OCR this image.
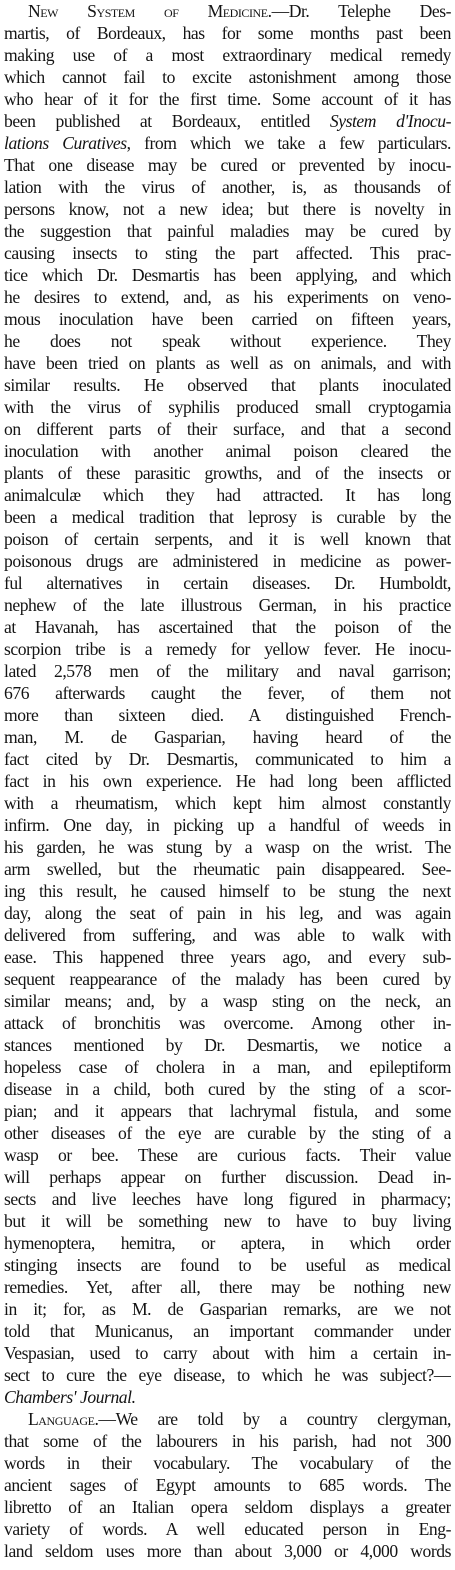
New System of Medicine.—Dr. Telephe Des-
martis, of Bordeaux, has for some months past been
making use of a most extraordinary medical remedy
which cannot fail to excite astonishment among those
who hear of it for the first time. Some account of it has
been published at Bordeaux, entitled System d'Inocu-
lations Curatives, from which we take a few particulars.
That one disease may be cured or prevented by inocu-
lation with the virus of another, is, as thousands of
persons know, not a new idea; but there is novelty in
the suggestion that painful maladies may be cured by
causing insects to sting the part affected. This prac-
tice which Dr. Desmartis has been applying, and which
he desires to extend, and, as his experiments on veno-
mous inoculation have been carried on fifteen years,
he does not speak without experience. They
have been tried on plants as well as on animals, and with
similar results. He observed that plants inoculated
with the virus of syphilis produced small cryptogamia
on different parts of their surface, and that a second
inoculation with another animal poison cleared the
plants of these parasitic growths, and of the insects or
animalculæ which they had attracted. It has long
been a medical tradition that leprosy is curable by the
poison of certain serpents, and it is well known that
poisonous drugs are administered in medicine as power-
ful alternatives in certain diseases. Dr. Humboldt,
nephew of the late illustrous German, in his practice
at Havanah, has ascertained that the poison of the
scorpion tribe is a remedy for yellow fever. He inocu-
lated 2,578 men of the military and naval garrison;
676 afterwards caught the fever, of them not
more than sixteen died. A distinguished French-
man, M. de Gasparian, having heard of the
fact cited by Dr. Desmartis, communicated to him a
fact in his own experience. He had long been afflicted
with a rheumatism, which kept him almost constantly
infirm. One day, in picking up a handful of weeds in
his garden, he was stung by a wasp on the wrist. The
arm swelled, but the rheumatic pain disappeared. See-
ing this result, he caused himself to be stung the next
day, along the seat of pain in his leg, and was again
delivered from suffering, and was able to walk with
ease. This happened three years ago, and every sub-
sequent reappearance of the malady has been cured by
similar means; and, by a wasp sting on the neck, an
attack of bronchitis was overcome. Among other in-
stances mentioned by Dr. Desmartis, we notice a
hopeless case of cholera in a man, and epileptiform
disease in a child, both cured by the sting of a scor-
pian; and it appears that lachrymal fistula, and some
other diseases of the eye are curable by the sting of a
wasp or bee. These are curious facts. Their value
will perhaps appear on further discussion. Dead in-
sects and live leeches have long figured in pharmacy;
but it will be something new to have to buy living
hymenoptera, hemitra, or aptera, in which order
stinging insects are found to be useful as medical
remedies. Yet, after all, there may be nothing new
in it; for, as M. de Gasparian remarks, are we not
told that Municanus, an important commander under
Vespasian, used to carry about with him a certain in-
sect to cure the eye disease, to which he was subject?—
Chambers' Journal.
Language.—We are told by a country clergyman,
that some of the labourers in his parish, had not 300
words in their vocabulary. The vocabulary of the
ancient sages of Egypt amounts to 685 words. The
libretto of an Italian opera seldom displays a greater
variety of words. A well educated person in Eng-
land seldom uses more than about 3,000 or 4,000 words
